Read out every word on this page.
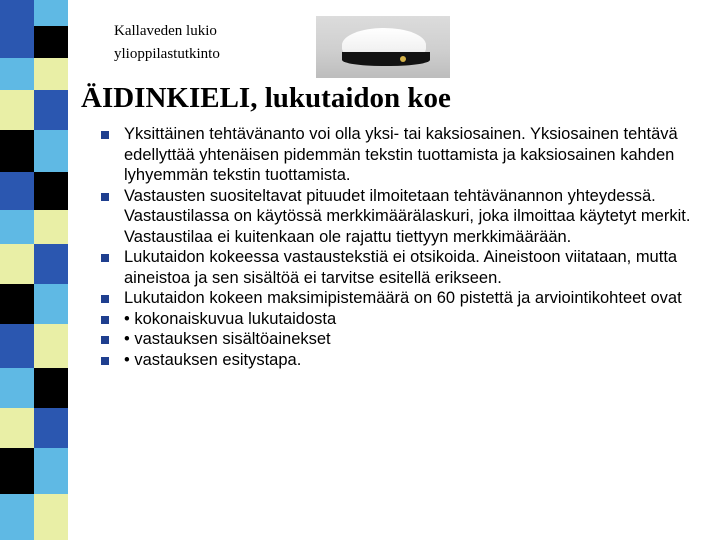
Kallaveden lukio
ylioppilastutkinto
ÄIDINKIELI, lukutaidon koe
Yksittäinen tehtävänanto voi olla yksi- tai kaksiosainen. Yksiosainen tehtävä edellyttää yhtenäisen pidemmän tekstin tuottamista ja kaksiosainen kahden lyhyemmän tekstin tuottamista.
Vastausten suositeltavat pituudet ilmoitetaan tehtävänannon yhteydessä. Vastaustilassa on käytössä merkkimäärälaskuri, joka ilmoittaa käytetyt merkit. Vastaustilaa ei kuitenkaan ole rajattu tiettyyn merkkimäärään.
Lukutaidon kokeessa vastaustekstiä ei otsikoida. Aineistoon viitataan, mutta aineistoa ja sen sisältöä ei tarvitse esitellä erikseen.
Lukutaidon kokeen maksimipistemäärä on 60 pistettä ja arviointikohteet ovat
• kokonaiskuvua lukutaidosta
• vastauksen sisältöainekset
• vastauksen esitystapa.
